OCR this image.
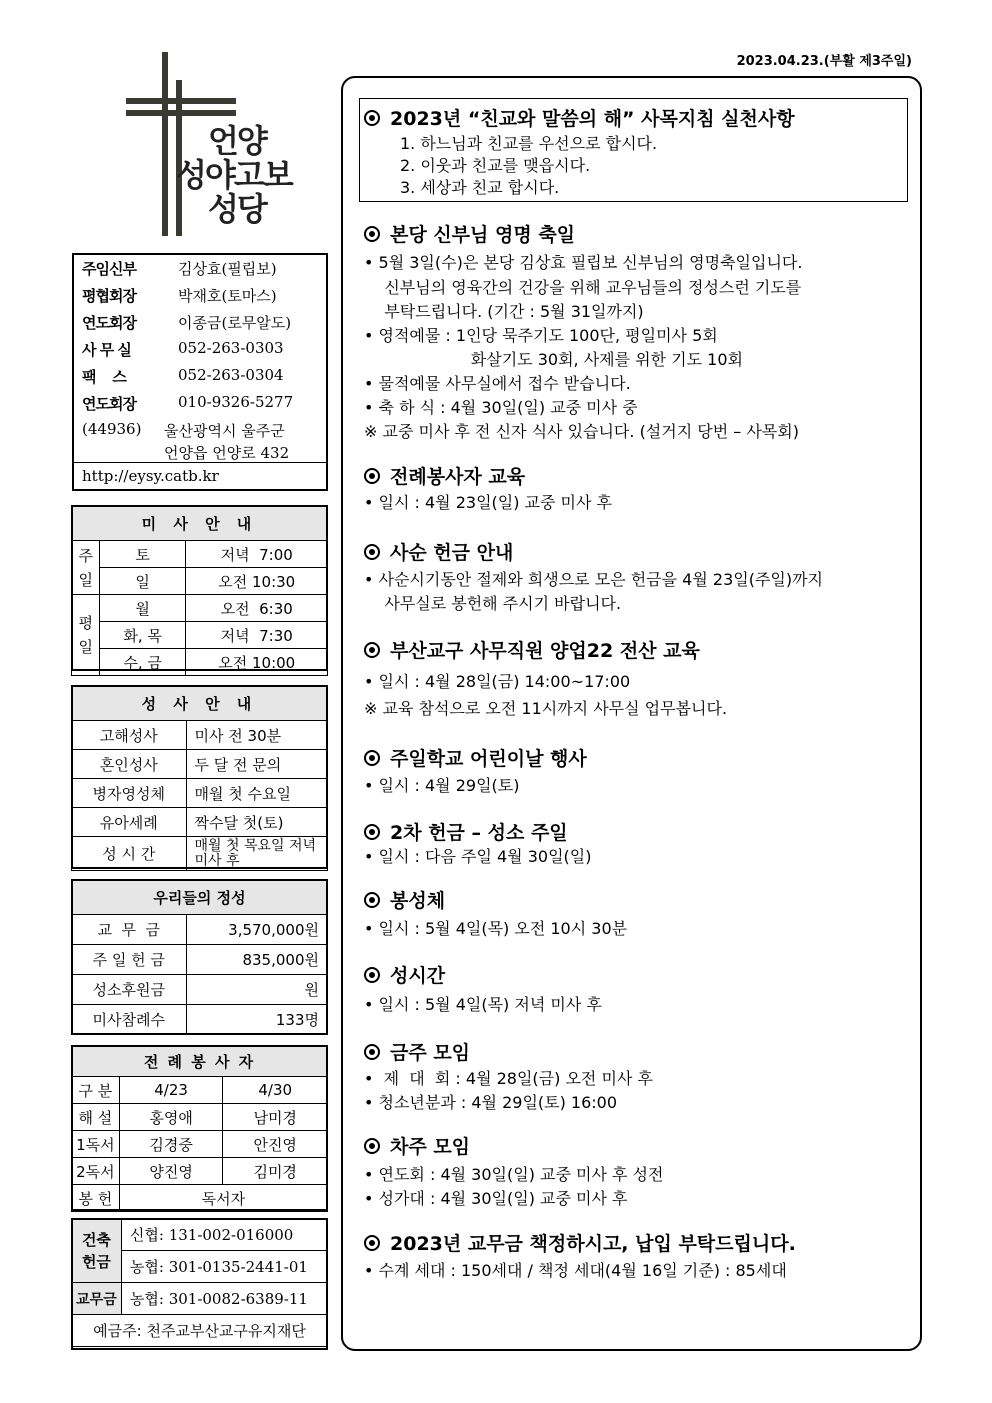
2023.04.23.(부활 제3주일)
언양
성야고보
성당
주임신부	김상효(필립보)
평협회장	박재호(토마스)
연도회장	이종금(로무알도)
사 무 실	052-263-0303
팩    스	052-263-0304
연도회장	010-9326-5277
(44936) 울산광역시 울주군
언양읍 언양로 432
http://eysy.catb.kr
미 사 안 내		
주일	토	저녁  7:00
	일	오전 10:30
평일	월	오전  6:30
	화, 목	저녁  7:30
	수, 금	오전 10:00
성 사 안 내	
고해성사	미사 전 30분
혼인성사	두 달 전 문의
병자영성체	매월 첫 수요일
유아세례	짝수달 첫(토)
성 시 간	매월 첫 목요일 저녁미사 후
우리들의 정성	
교  무  금	3,570,000원
주 일 헌 금	835,000원
성소후원금	원
미사참례수	133명
전 례 봉 사 자		
구 분	4/23	4/30
해 설	홍영애	남미경
1독서	김경중	안진영
2독서	양진영	김미경
봉 헌	독서자	
건축헌금	신협: 131-002-016000
	농협: 301-0135-2441-01
교무금	농협: 301-0082-6389-11
예금주: 천주교부산교구유지재단	
2023년 “친교와 말씀의 해” 사목지침 실천사항
1. 하느님과 친교를 우선으로 합시다.
2. 이웃과 친교를 맺읍시다.
3. 세상과 친교 합시다.
본당 신부님 영명 축일
• 5월 3일(수)은 본당 김상효 필립보 신부님의 영명축일입니다.
신부님의 영육간의 건강을 위해 교우님들의 정성스런 기도를
부탁드립니다. (기간 : 5월 31일까지)
• 영적예물 : 1인당 묵주기도 100단, 평일미사 5회
화살기도 30회, 사제를 위한 기도 10회
• 물적예물 사무실에서 접수 받습니다.
• 축 하 식 : 4월 30일(일) 교중 미사 중
※ 교중 미사 후 전 신자 식사 있습니다. (설거지 당번 – 사목회)
전례봉사자 교육
• 일시 : 4월 23일(일) 교중 미사 후
사순 헌금 안내
• 사순시기동안 절제와 희생으로 모은 헌금을 4월 23일(주일)까지
사무실로 봉헌해 주시기 바랍니다.
부산교구 사무직원 양업22 전산 교육
• 일시 : 4월 28일(금) 14:00~17:00
※ 교육 참석으로 오전 11시까지 사무실 업무봅니다.
주일학교 어린이날 행사
• 일시 : 4월 29일(토)
2차 헌금 – 성소 주일
• 일시 : 다음 주일 4월 30일(일)
봉성체
• 일시 : 5월 4일(목) 오전 10시 30분
성시간
• 일시 : 5월 4일(목) 저녁 미사 후
금주 모임
•  제  대  회 : 4월 28일(금) 오전 미사 후
• 청소년분과 : 4월 29일(토) 16:00
차주 모임
• 연도회 : 4월 30일(일) 교중 미사 후 성전
• 성가대 : 4월 30일(일) 교중 미사 후
2023년 교무금 책정하시고, 납입 부탁드립니다.
• 수계 세대 : 150세대 / 책정 세대(4월 16일 기준) : 85세대
